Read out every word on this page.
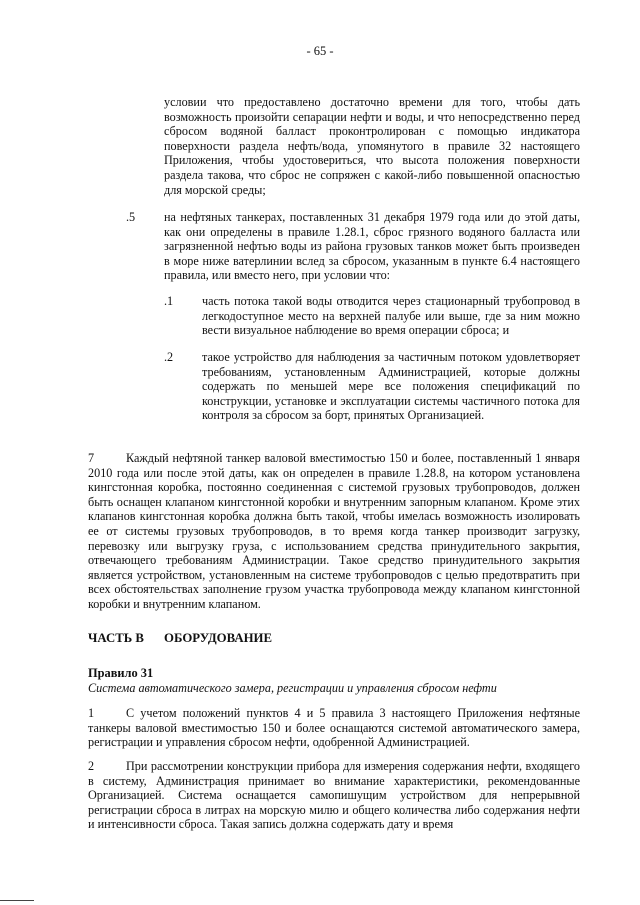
- 65 -

условии что предоставлено достаточно времени для того, чтобы дать возможность произойти сепарации нефти и воды, и что непосредственно перед сбросом водяной балласт проконтролирован с помощью индикатора поверхности раздела нефть/вода, упомянутого в правиле 32 настоящего Приложения, чтобы удостовериться, что высота положения поверхности раздела такова, что сброс не сопряжен с какой-либо повышенной опасностью для морской среды;

.5 на нефтяных танкерах, поставленных 31 декабря 1979 года или до этой даты, как они определены в правиле 1.28.1, сброс грязного водяного балласта или загрязненной нефтью воды из района грузовых танков может быть произведен в море ниже ватерлинии вслед за сбросом, указанным в пункте 6.4 настоящего правила, или вместо него, при условии что:

.1 часть потока такой воды отводится через стационарный трубопровод в легкодоступное место на верхней палубе или выше, где за ним можно вести визуальное наблюдение во время операции сброса; и

.2 такое устройство для наблюдения за частичным потоком удовлетворяет требованиям, установленным Администрацией, которые должны содержать по меньшей мере все положения спецификаций по конструкции, установке и эксплуатации системы частичного потока для контроля за сбросом за борт, принятых Организацией.

7	Каждый нефтяной танкер валовой вместимостью 150 и более, поставленный 1 января 2010 года или после этой даты, как он определен в правиле 1.28.8, на котором установлена кингстонная коробка, постоянно соединенная с системой грузовых трубопроводов, должен быть оснащен клапаном кингстонной коробки и внутренним запорным клапаном. Кроме этих клапанов кингстонная коробка должна быть такой, чтобы имелась возможность изолировать ее от системы грузовых трубопроводов, в то время когда танкер производит загрузку, перевозку или выгрузку груза, с использованием средства принудительного закрытия, отвечающего требованиям Администрации. Такое средство принудительного закрытия является устройством, установленным на системе трубопроводов с целью предотвратить при всех обстоятельствах заполнение грузом участка трубопровода между клапаном кингстонной коробки и внутренним клапаном.

ЧАСТЬ B ОБОРУДОВАНИЕ

Правило 31

Система автоматического замера, регистрации и управления сбросом нефти

1	С учетом положений пунктов 4 и 5 правила 3 настоящего Приложения нефтяные танкеры валовой вместимостью 150 и более оснащаются системой автоматического замера, регистрации и управления сбросом нефти, одобренной Администрацией.

2	При рассмотрении конструкции прибора для измерения содержания нефти, входящего в систему, Администрация принимает во внимание характеристики, рекомендованные Организацией. Система оснащается самопишущим устройством для непрерывной регистрации сброса в литрах на морскую милю и общего количества либо содержания нефти и интенсивности сброса. Такая запись должна содержать дату и время
